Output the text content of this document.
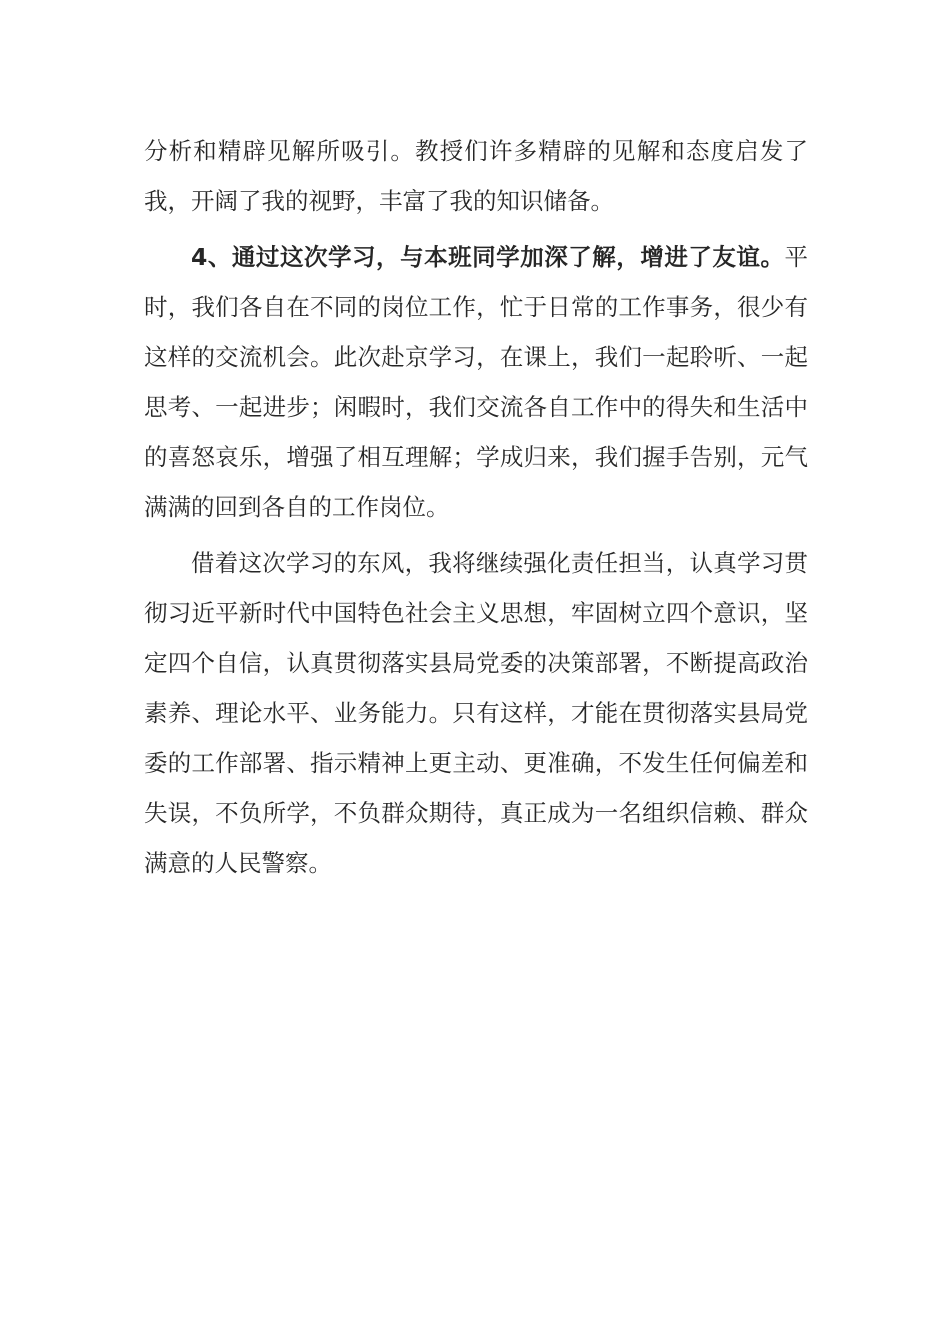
分析和精辟见解所吸引。教授们许多精辟的见解和态度启发了我，开阔了我的视野，丰富了我的知识储备。

4、通过这次学习，与本班同学加深了解，增进了友谊。平时，我们各自在不同的岗位工作，忙于日常的工作事务，很少有这样的交流机会。此次赴京学习，在课上，我们一起聆听、一起思考、一起进步；闲暇时，我们交流各自工作中的得失和生活中的喜怒哀乐，增强了相互理解；学成归来，我们握手告别，元气满满的回到各自的工作岗位。

借着这次学习的东风，我将继续强化责任担当，认真学习贯彻习近平新时代中国特色社会主义思想，牢固树立四个意识，坚定四个自信，认真贯彻落实县局党委的决策部署，不断提高政治素养、理论水平、业务能力。只有这样，才能在贯彻落实县局党委的工作部署、指示精神上更主动、更准确，不发生任何偏差和失误，不负所学，不负群众期待，真正成为一名组织信赖、群众满意的人民警察。
